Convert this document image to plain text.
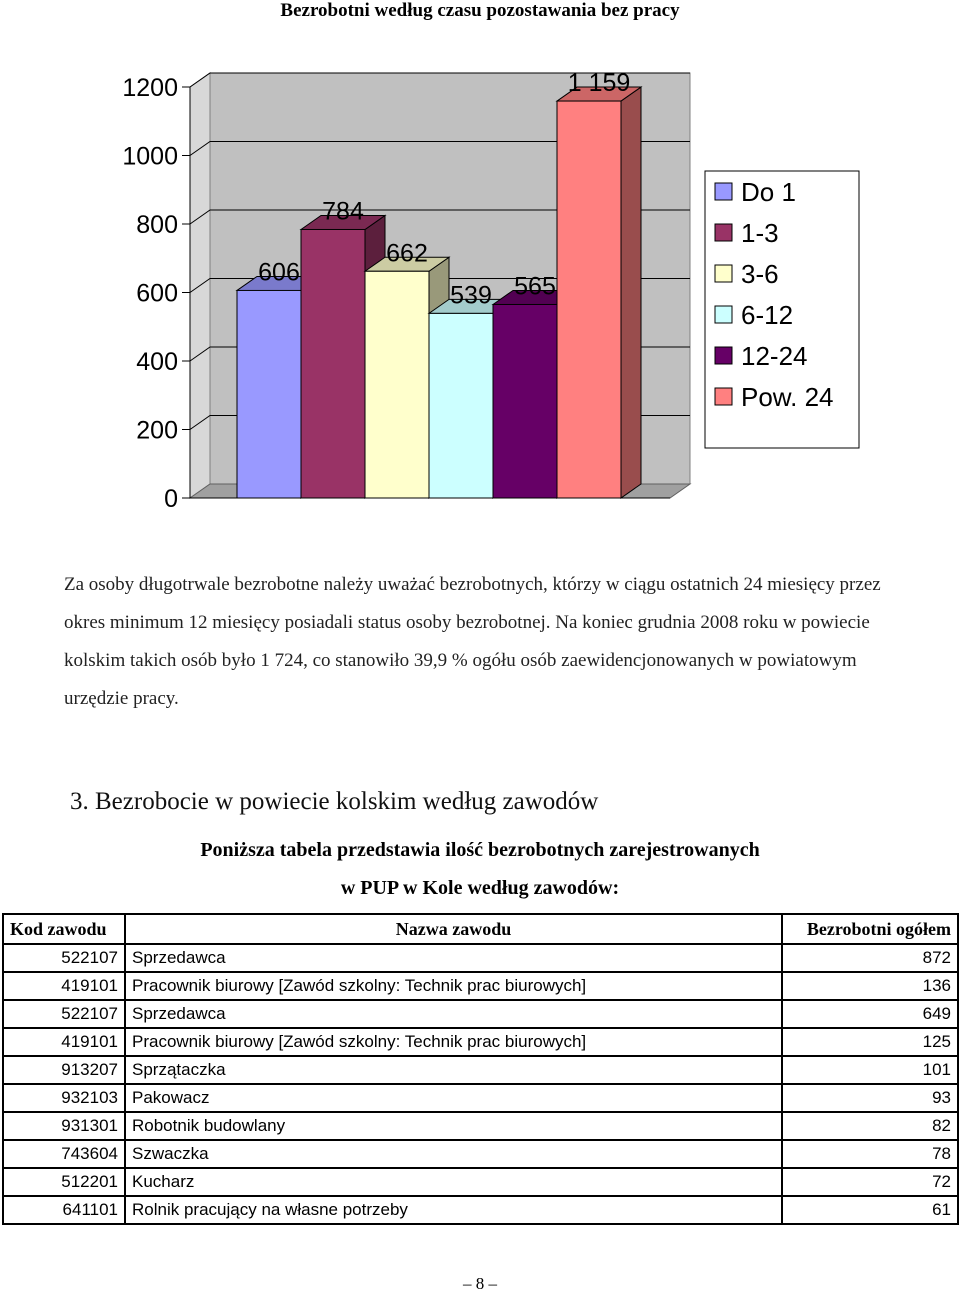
Bezrobotni według czasu pozostawania bez pracy
0
200
400
600
800
1000
1200
606
784
662
539 565
1 159
Do 1
1-3
3-6
6-12
12-24
Pow. 24
Za osoby długotrwale bezrobotne należy uważać bezrobotnych, którzy w ciągu ostatnich 24 miesięcy przez okres minimum 12 miesięcy posiadali status osoby bezrobotnej. Na koniec grudnia 2008 roku w powiecie kolskim takich osób było 1 724, co stanowiło 39,9 % ogółu osób zaewidencjonowanych w powiatowym urzędzie pracy.
3. Bezrobocie w powiecie kolskim według zawodów
Poniższa tabela przedstawia ilość bezrobotnych zarejestrowanych
w PUP w Kole według zawodów:
Kod zawodu	Nazwa zawodu	Bezrobotni ogółem
522107	Sprzedawca	872
419101	Pracownik biurowy [Zawód szkolny: Technik prac biurowych]	136
522107	Sprzedawca	649
419101	Pracownik biurowy [Zawód szkolny: Technik prac biurowych]	125
913207	Sprzątaczka	101
932103	Pakowacz	93
931301	Robotnik budowlany	82
743604	Szwaczka	78
512201	Kucharz	72
641101	Rolnik pracujący na własne potrzeby	61
– 8 –
